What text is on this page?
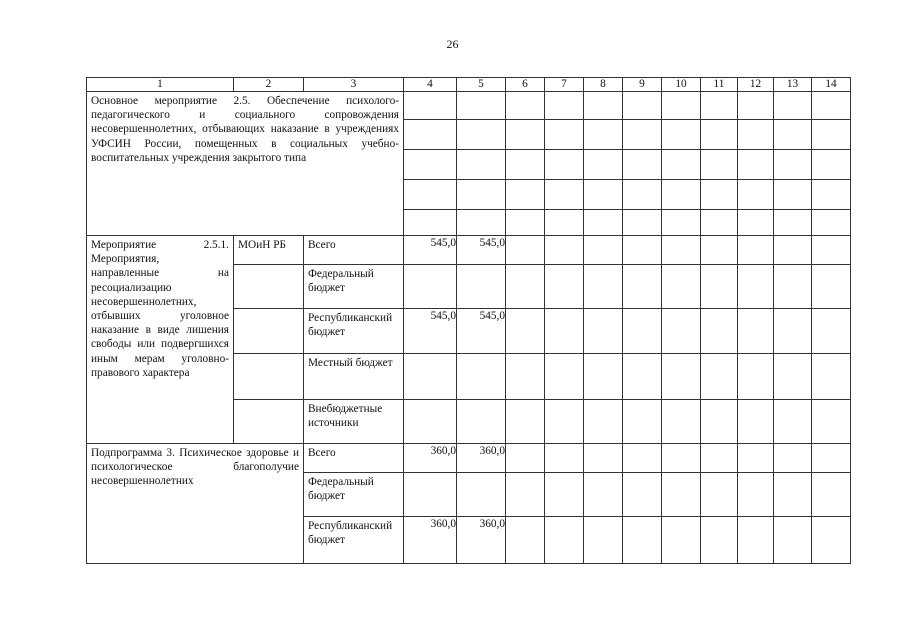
26
1	2	3	4	5	6	7	8	9	10	11	12	13	14

Основное мероприятие 2.5. Обеспечение психолого-педагогического и социального сопровождения несовершеннолетних, отбывающих наказание в учреждениях УФСИН России, помещенных в социальных учебно-воспитательных учреждения закрытого типа													

Мероприятие 2.5.1. Мероприятия, направленные на ресоциализацию несовершеннолетних, отбывших уголовное наказание в виде лишения свободы или подвергшихся иным мерам уголовно-правового характера	МОиН РБ	Всего	545,0	545,0									

		Федеральный бюджет											

		Республиканский бюджет	545,0	545,0									

		Местный бюджет											

		Внебюджетные источники											

Подпрограмма 3. Психическое здоровье и психологическое благополучие несовершеннолетних		Всего	360,0	360,0									

		Федеральный бюджет											

		Республиканский бюджет	360,0	360,0									
